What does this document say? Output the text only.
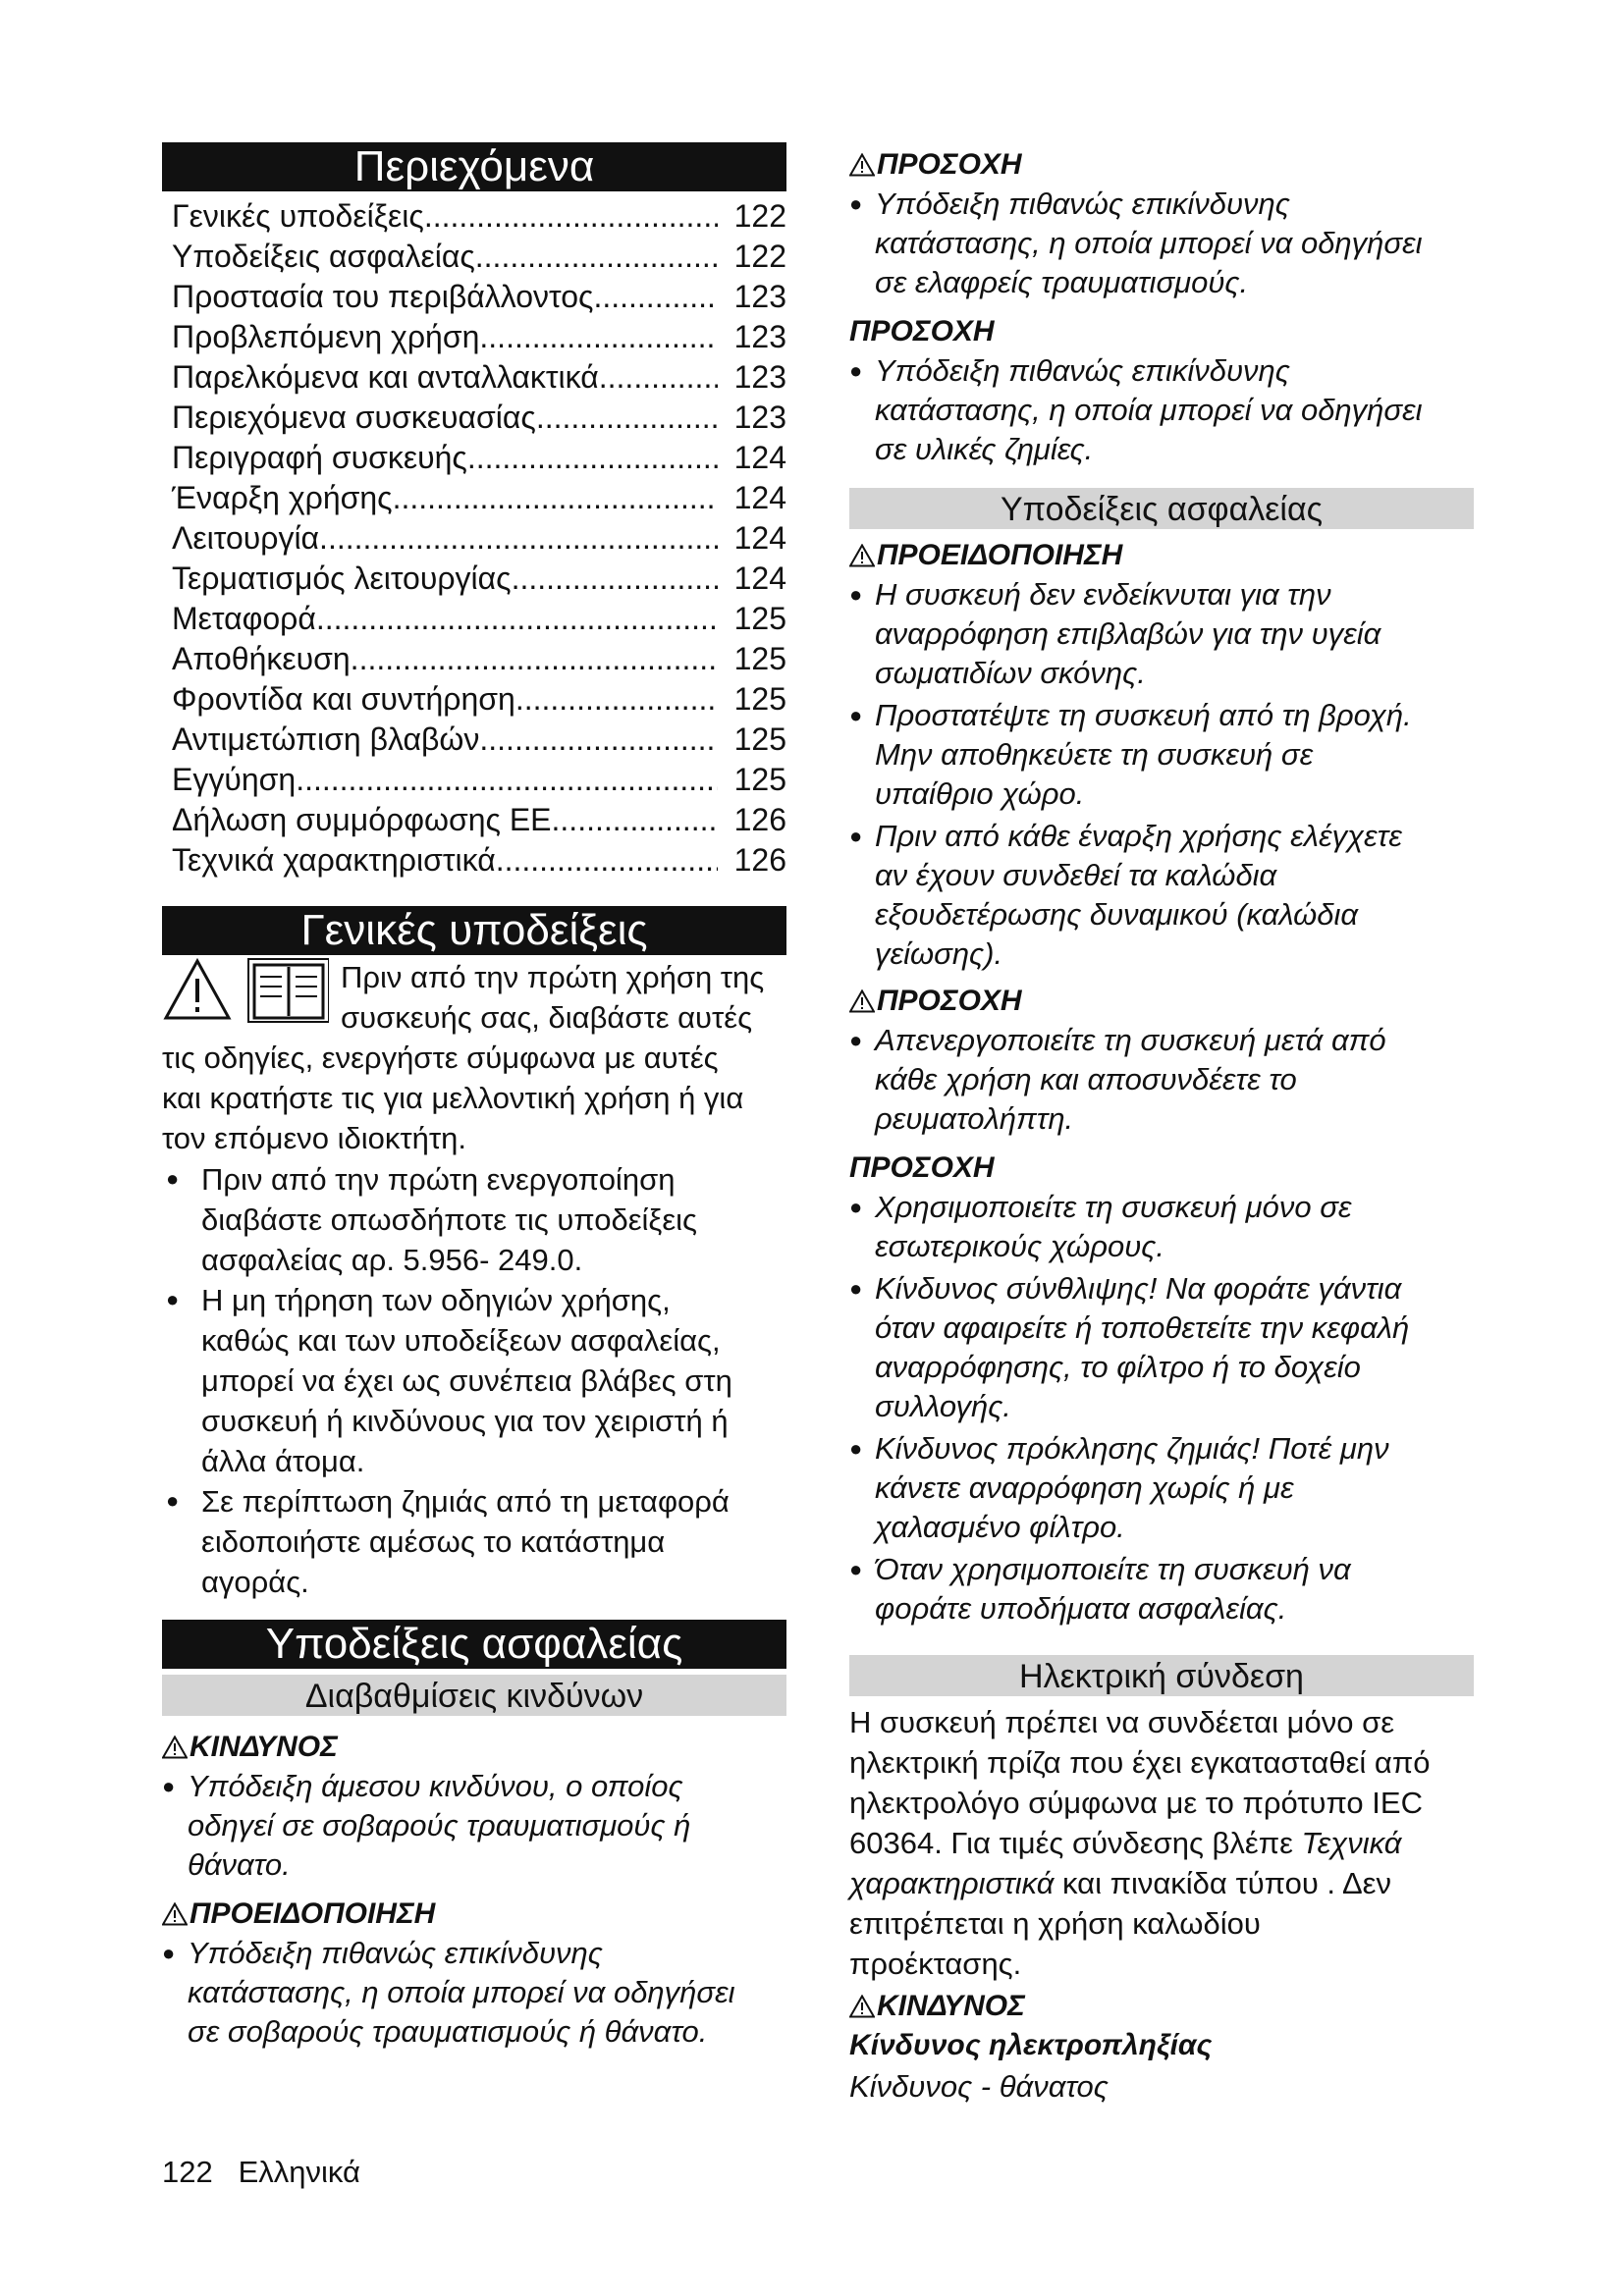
Περιεχόμενα
Γενικές υποδείξεις .....	122
Υποδείξεις ασφαλείας .....	122
Προστασία του περιβάλλοντος .....	123
Προβλεπόμενη χρήση .....	123
Παρελκόμενα και ανταλλακτικά .....	123
Περιεχόμενα συσκευασίας .....	123
Περιγραφή συσκευής .....	124
Έναρξη χρήσης .....	124
Λειτουργία .....	124
Τερματισμός λειτουργίας .....	124
Μεταφορά .....	125
Αποθήκευση .....	125
Φροντίδα και συντήρηση .....	125
Αντιμετώπιση βλαβών .....	125
Εγγύηση .....	125
Δήλωση συμμόρφωσης ΕΕ .....	126
Τεχνικά χαρακτηριστικά .....	126
Γενικές υποδείξεις
Πριν από την πρώτη χρήση της
συσκευής σας, διαβάστε αυτές
τις οδηγίες, ενεργήστε σύμφωνα με αυτές
και κρατήστε τις για μελλοντική χρήση ή για
τον επόμενο ιδιοκτήτη.
● Πριν από την πρώτη ενεργοποίηση
διαβάστε οπωσδήποτε τις υποδείξεις
ασφαλείας αρ. 5.956- 249.0.
● Η μη τήρηση των οδηγιών χρήσης,
καθώς και των υποδείξεων ασφαλείας,
μπορεί να έχει ως συνέπεια βλάβες στη
συσκευή ή κινδύνους για τον χειριστή ή
άλλα άτομα.
● Σε περίπτωση ζημιάς από τη μεταφορά
ειδοποιήστε αμέσως το κατάστημα
αγοράς.
Υποδείξεις ασφαλείας
Διαβαθμίσεις κινδύνων
ΚΙΝΔΥΝΟΣ
● Υπόδειξη άμεσου κινδύνου, ο οποίος
οδηγεί σε σοβαρούς τραυματισμούς ή
θάνατο.
ΠΡΟΕΙΔΟΠΟΙΗΣΗ
● Υπόδειξη πιθανώς επικίνδυνης
κατάστασης, η οποία μπορεί να οδηγήσει
σε σοβαρούς τραυματισμούς ή θάνατο.
ΠΡΟΣΟΧΗ
● Υπόδειξη πιθανώς επικίνδυνης
κατάστασης, η οποία μπορεί να οδηγήσει
σε ελαφρείς τραυματισμούς.
ΠΡΟΣΟΧΗ
● Υπόδειξη πιθανώς επικίνδυνης
κατάστασης, η οποία μπορεί να οδηγήσει
σε υλικές ζημίες.
Υποδείξεις ασφαλείας
ΠΡΟΕΙΔΟΠΟΙΗΣΗ
● Η συσκευή δεν ενδείκνυται για την
αναρρόφηση επιβλαβών για την υγεία
σωματιδίων σκόνης.
● Προστατέψτε τη συσκευή από τη βροχή.
Μην αποθηκεύετε τη συσκευή σε
υπαίθριο χώρο.
● Πριν από κάθε έναρξη χρήσης ελέγχετε
αν έχουν συνδεθεί τα καλώδια
εξουδετέρωσης δυναμικού (καλώδια
γείωσης).
ΠΡΟΣΟΧΗ
● Απενεργοποιείτε τη συσκευή μετά από
κάθε χρήση και αποσυνδέετε το
ρευματολήπτη.
ΠΡΟΣΟΧΗ
● Χρησιμοποιείτε τη συσκευή μόνο σε
εσωτερικούς χώρους.
● Κίνδυνος σύνθλιψης! Να φοράτε γάντια
όταν αφαιρείτε ή τοποθετείτε την κεφαλή
αναρρόφησης, το φίλτρο ή το δοχείο
συλλογής.
● Κίνδυνος πρόκλησης ζημιάς! Ποτέ μην
κάνετε αναρρόφηση χωρίς ή με
χαλασμένο φίλτρο.
● Όταν χρησιμοποιείτε τη συσκευή να
φοράτε υποδήματα ασφαλείας.
Ηλεκτρική σύνδεση
Η συσκευή πρέπει να συνδέεται μόνο σε
ηλεκτρική πρίζα που έχει εγκατασταθεί από
ηλεκτρολόγο σύμφωνα με το πρότυπο IEC
60364. Για τιμές σύνδεσης βλέπε Τεχνικά
χαρακτηριστικά και πινακίδα τύπου . Δεν
επιτρέπεται η χρήση καλωδίου
προέκτασης.
ΚΙΝΔΥΝΟΣ
Κίνδυνος ηλεκτροπληξίας
Κίνδυνος - θάνατος
122 Ελληνικά
